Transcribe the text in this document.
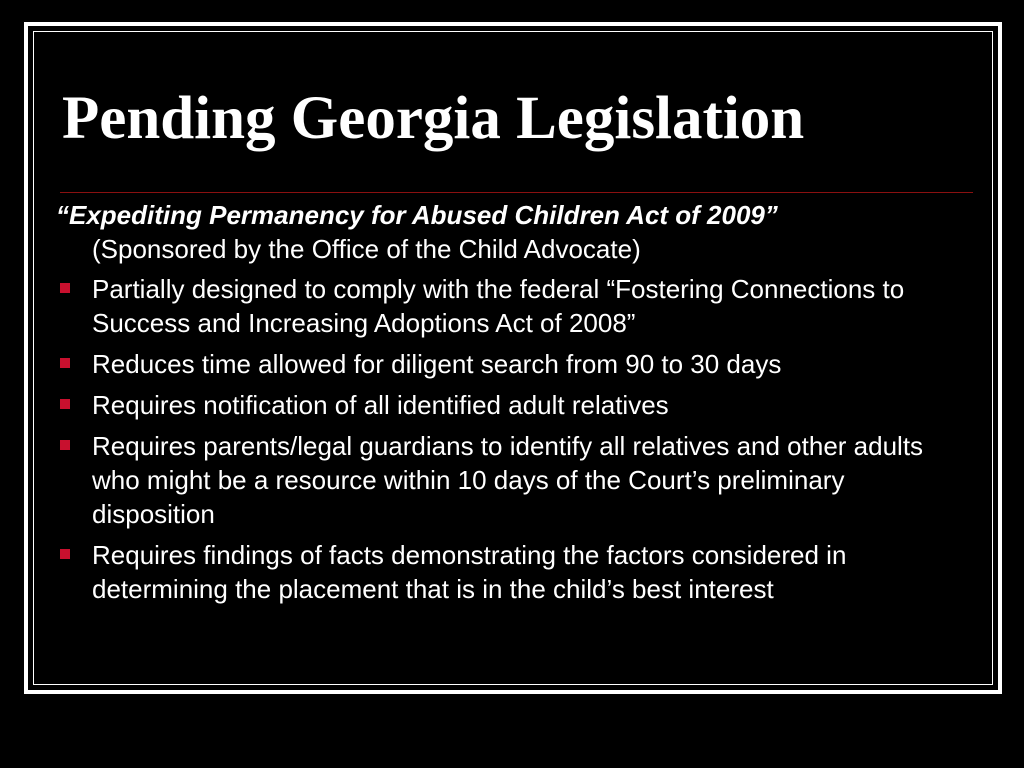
Pending Georgia Legislation

“Expediting Permanency for Abused Children Act of 2009”
(Sponsored by the Office of the Child Advocate)

Partially designed to comply with the federal “Fostering Connections to Success and Increasing Adoptions Act of 2008”
Reduces time allowed for diligent search from 90 to 30 days
Requires notification of all identified adult relatives
Requires parents/legal guardians to identify all relatives and other adults who might be a resource within 10 days of the Court’s preliminary disposition
Requires findings of facts demonstrating the factors considered in determining the placement that is in the child’s best interest
